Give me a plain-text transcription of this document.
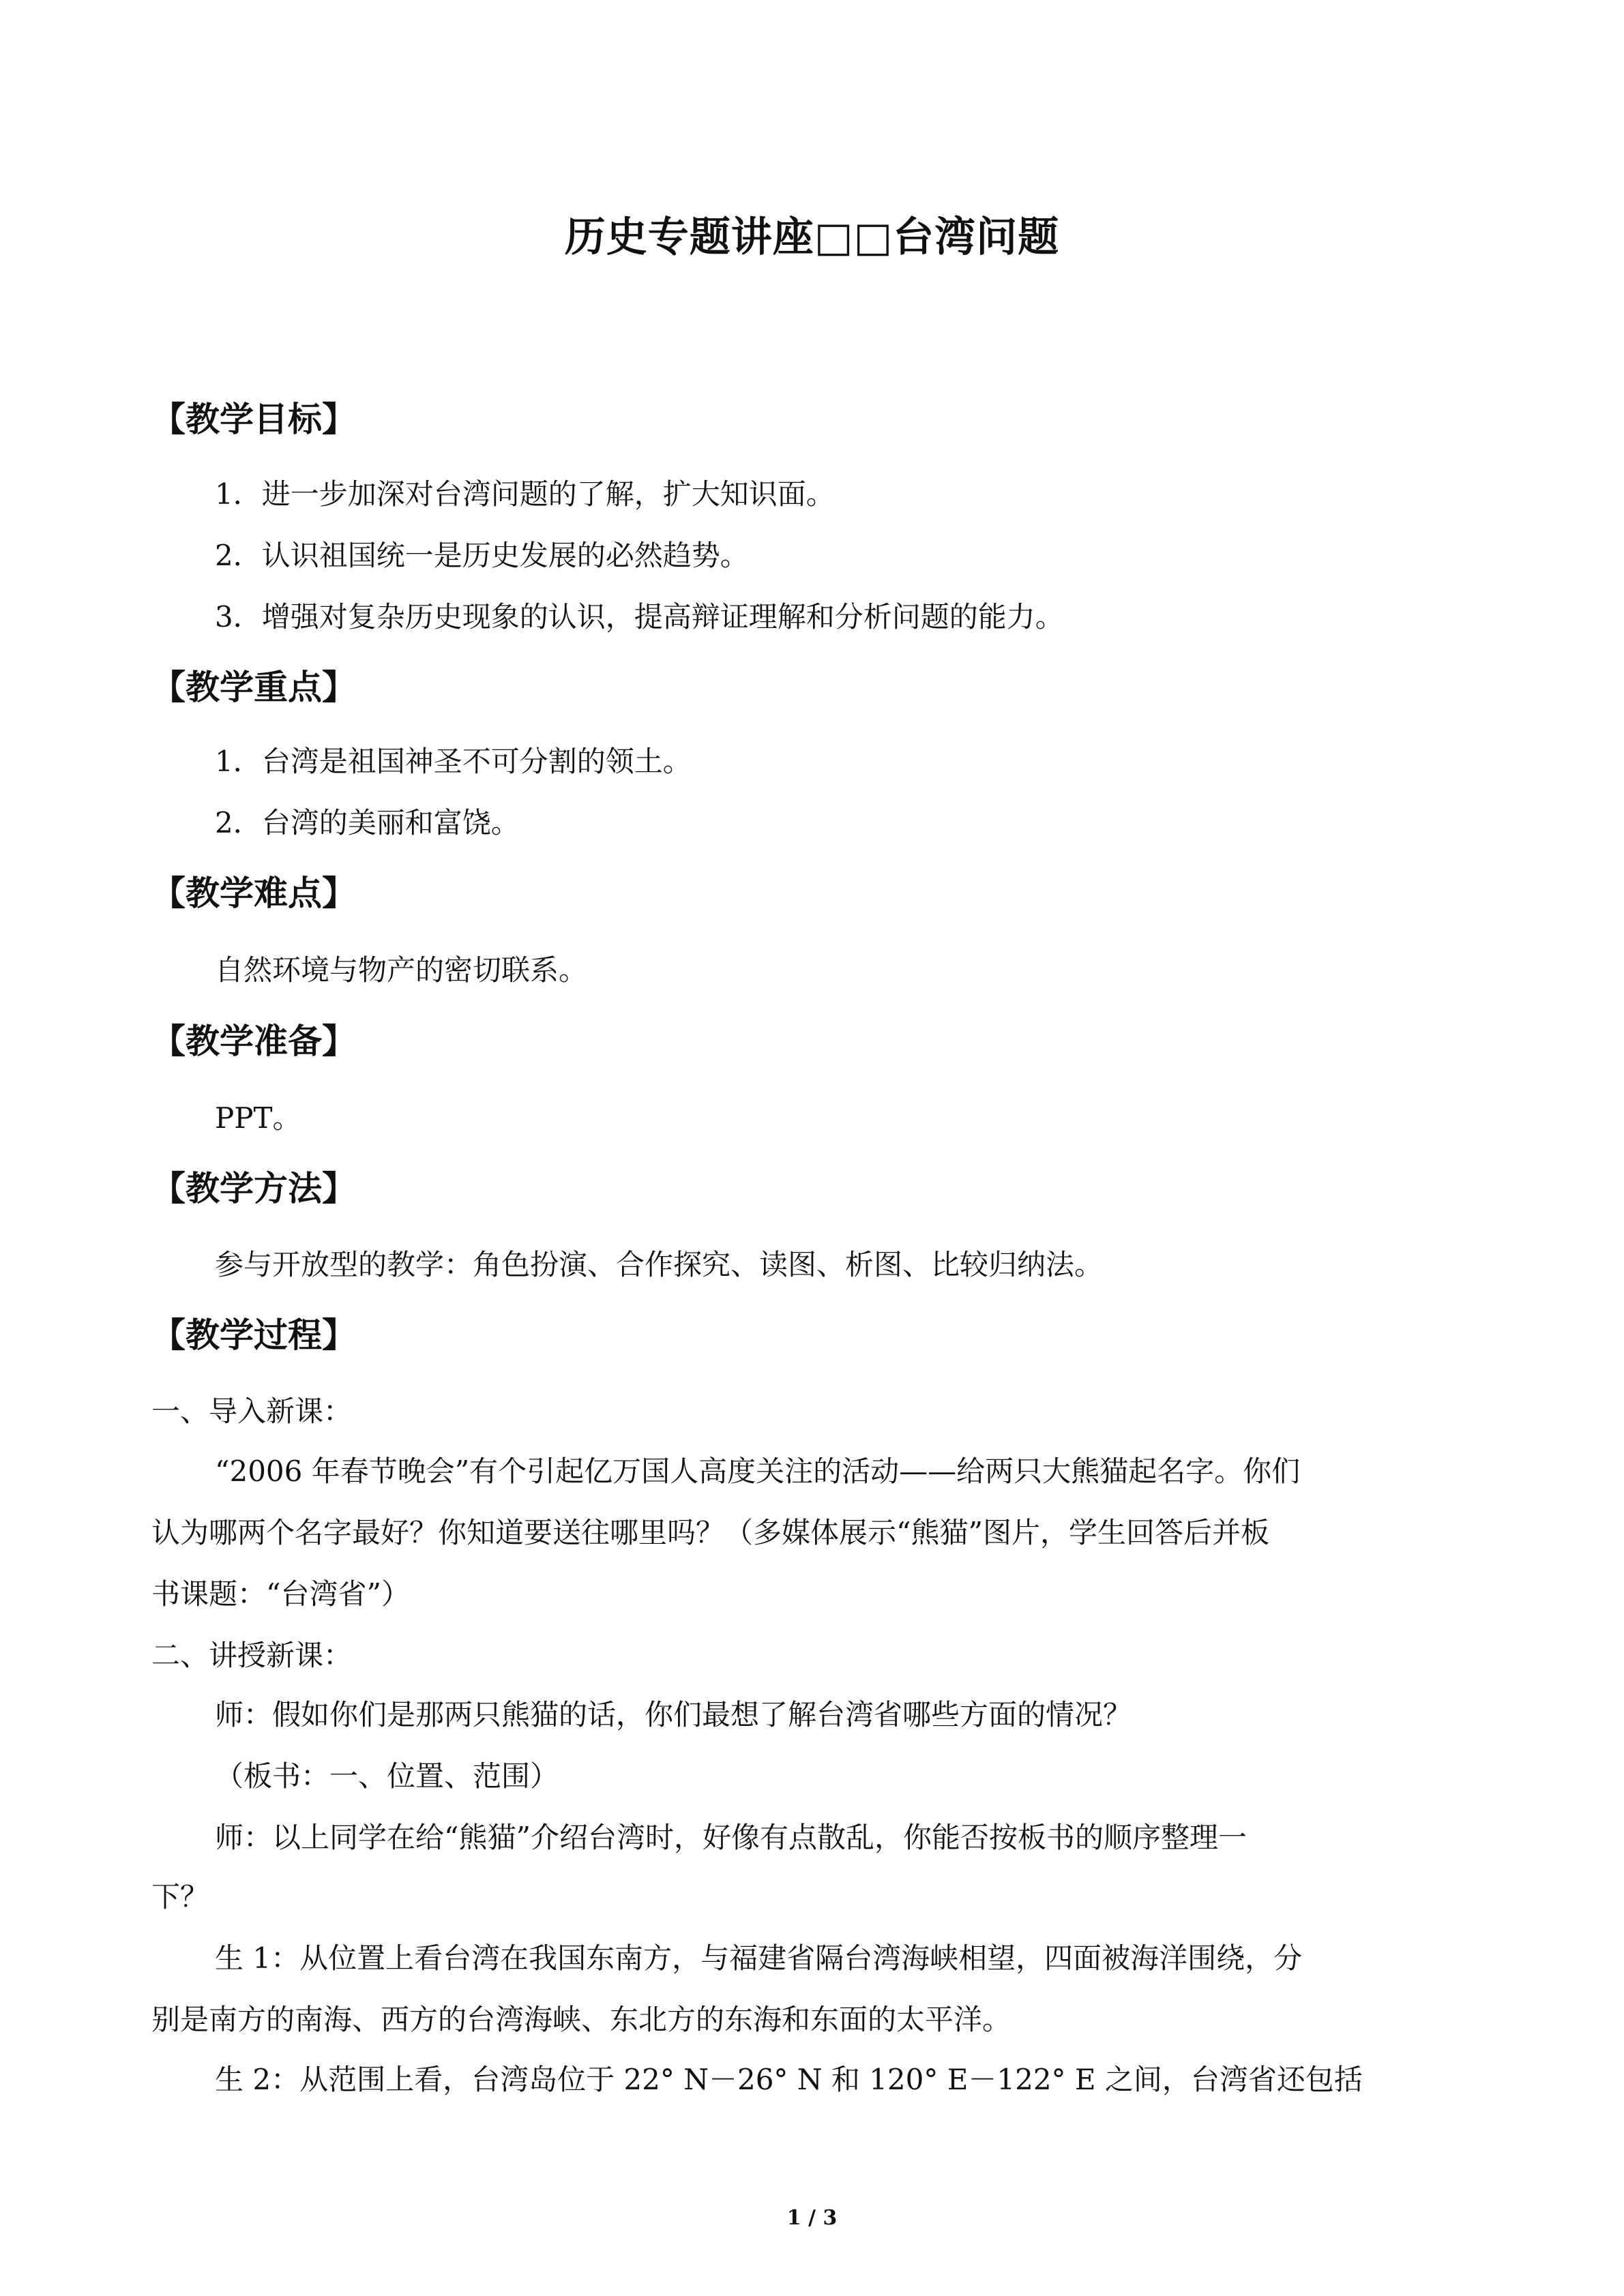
历史专题讲座□□台湾问题
【教学目标】
1．进一步加深对台湾问题的了解，扩大知识面。
2．认识祖国统一是历史发展的必然趋势。
3．增强对复杂历史现象的认识，提高辩证理解和分析问题的能力。
【教学重点】
1．台湾是祖国神圣不可分割的领土。
2．台湾的美丽和富饶。
【教学难点】
自然环境与物产的密切联系。
【教学准备】
PPT。
【教学方法】
参与开放型的教学：角色扮演、合作探究、读图、析图、比较归纳法。
【教学过程】
一、导入新课：
“2006 年春节晚会”有个引起亿万国人高度关注的活动——给两只大熊猫起名字。你们
认为哪两个名字最好？你知道要送往哪里吗？（多媒体展示“熊猫”图片，学生回答后并板
书课题：“台湾省”）
二、讲授新课：
师：假如你们是那两只熊猫的话，你们最想了解台湾省哪些方面的情况？
（板书：一、位置、范围）
师：以上同学在给“熊猫”介绍台湾时，好像有点散乱，你能否按板书的顺序整理一
下？
生 1：从位置上看台湾在我国东南方，与福建省隔台湾海峡相望，四面被海洋围绕，分
别是南方的南海、西方的台湾海峡、东北方的东海和东面的太平洋。
生 2：从范围上看，台湾岛位于 22° N－26° N 和 120° E－122° E 之间，台湾省还包括
1 / 3
